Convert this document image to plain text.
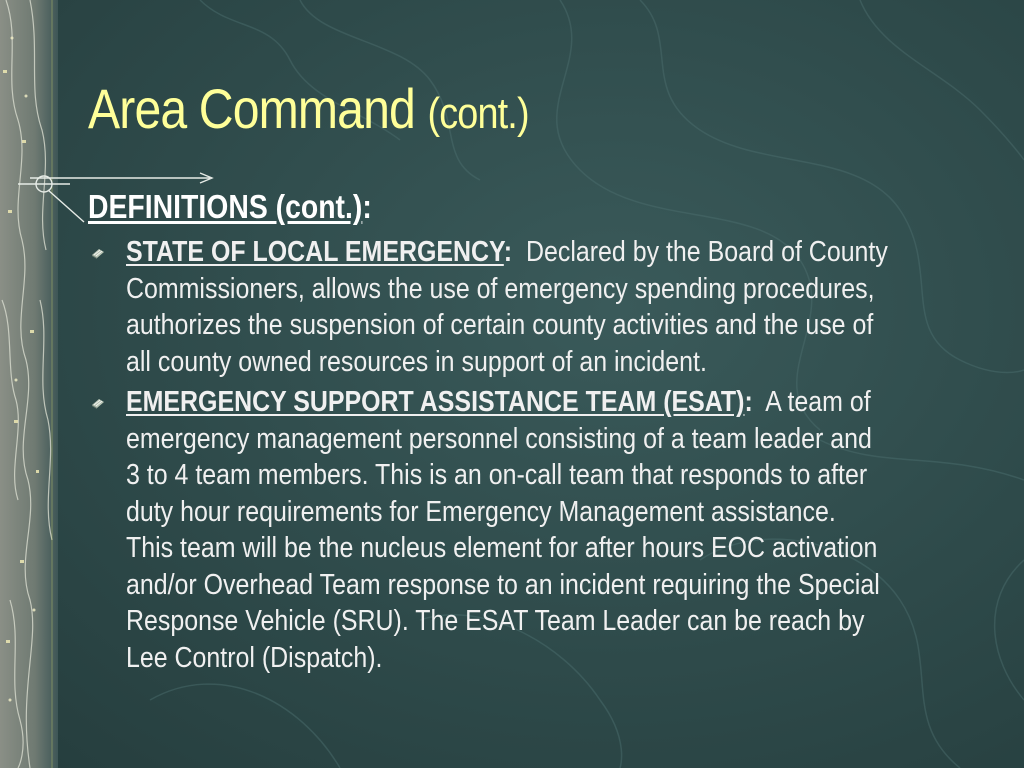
Area Command (cont.)
DEFINITIONS (cont.):
STATE OF LOCAL EMERGENCY: Declared by the Board of County
Commissioners, allows the use of emergency spending procedures,
authorizes the suspension of certain county activities and the use of
all county owned resources in support of an incident.
EMERGENCY SUPPORT ASSISTANCE TEAM (ESAT): A team of
emergency management personnel consisting of a team leader and
3 to 4 team members. This is an on-call team that responds to after
duty hour requirements for Emergency Management assistance.
This team will be the nucleus element for after hours EOC activation
and/or Overhead Team response to an incident requiring the Special
Response Vehicle (SRU). The ESAT Team Leader can be reach by
Lee Control (Dispatch).
